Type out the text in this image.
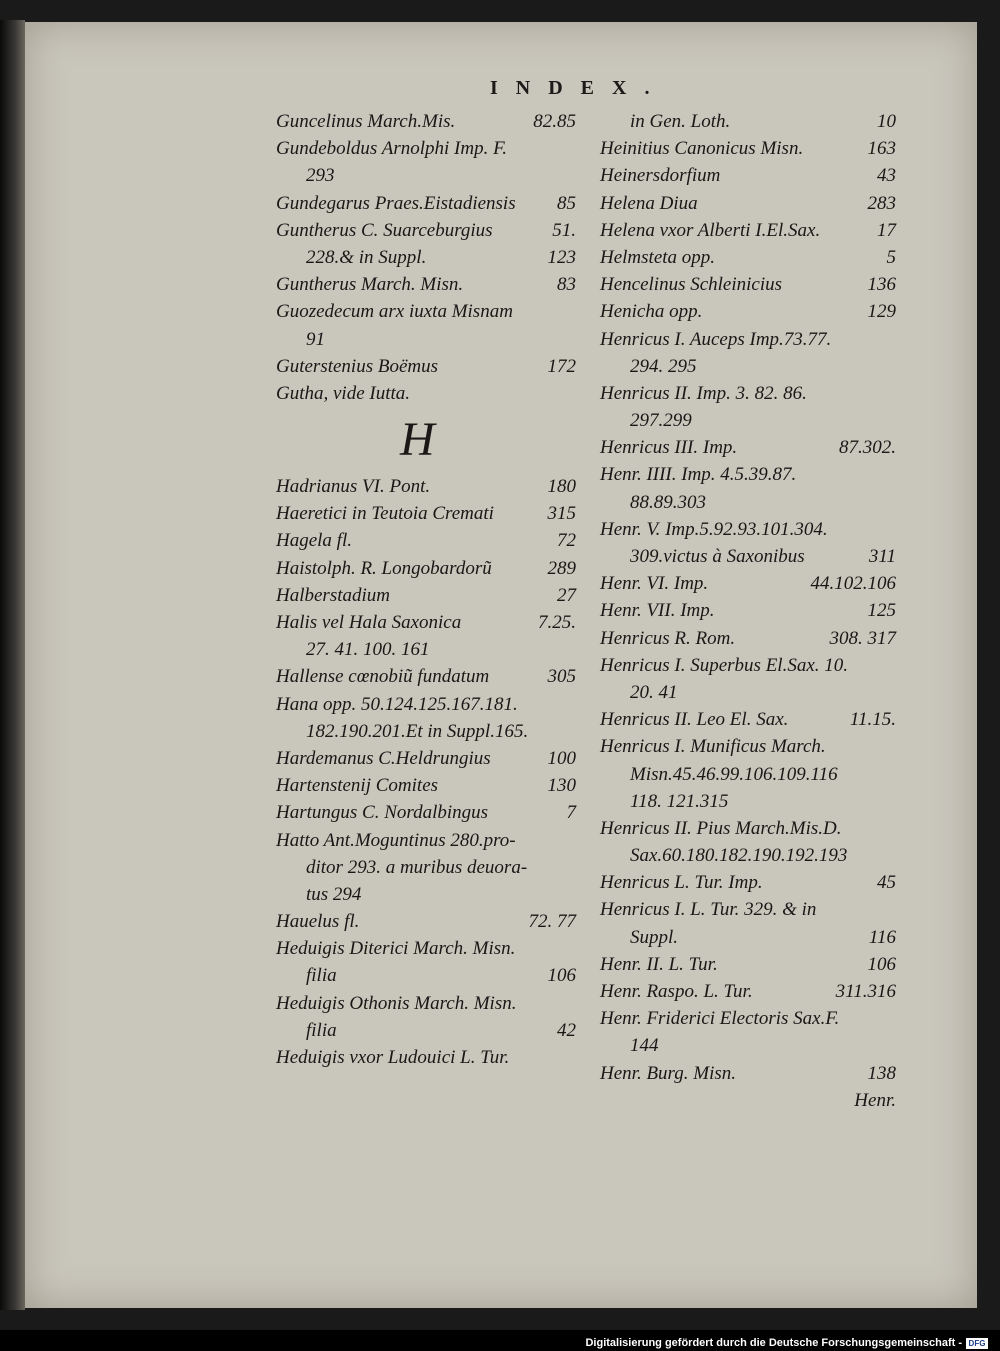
INDEX.
Guncelinus March.Mis.	82.85
Gundeboldus Arnolphi Imp. F.
293
Gundegarus Praes.Eistadiensis 85
Guntherus C. Suarceburgius	51.
228.& in Suppl.	123
Guntherus March. Misn.	83
Guozedecum arx iuxta Misnam
91
Guterstenius Boëmus	172
Gutha, vide Iutta.
H
Hadrianus VI. Pont.	180
Haeretici in Teutoia Cremati	315
Hagela fl.	72
Haistolph. R. Longobardorũ	289
Halberstadium	27
Halis vel Hala Saxonica	7.25.
27. 41. 100. 161
Hallense cœnobiũ fundatum	305
Hana opp. 50.124.125.167.181.
182.190.201.Et in Suppl.165.
Hardemanus C.Heldrungius	100
Hartensteniј Comites	130
Hartungus C. Nordalbingus	7
Hatto Ant.Moguntinus 280.pro-
ditor 293. a muribus deuora-
tus 294
Hauelus fl.	72. 77
Heduigis Diterici March. Misn.
filia	106
Heduigis Othonis March. Misn.
filia	42
Heduigis vxor Ludouici L. Tur.
in Gen. Loth.	10
Heinitius Canonicus Misn.	163
Heinersdorfium	43
Helena Diua	283
Helena vxor Alberti I.El.Sax.	17
Helmsteta opp.	5
Hencelinus Schleinicius	136
Henicha opp.	129
Henricus I. Auceps Imp.73.77.
294. 295
Henricus II. Imp. 3. 82. 86.
297.299
Henricus III. Imp.	87.302.
Henr. IIII. Imp. 4.5.39.87.
88.89.303
Henr. V. Imp.5.92.93.101.304.
309.victus à Saxonibus	311
Henr. VI. Imp.	44.102.106
Henr. VII. Imp.	125
Henricus R. Rom.	308. 317
Henricus I. Superbus El.Sax. 10.
20. 41
Henricus II. Leo El. Sax.	11.15.
Henricus I. Munificus March.
Misn.45.46.99.106.109.116
118. 121.315
Henricus II. Pius March.Mis.D.
Sax.60.180.182.190.192.193
Henricus L. Tur. Imp.	45
Henricus I. L. Tur. 329. & in
Suppl.	116
Henr. II. L. Tur.	106
Henr. Raspo. L. Tur.	311.316
Henr. Friderici Electoris Sax.F.
144
Henr. Burg. Misn.	138
Henr.
Digitalisierung gefördert durch die Deutsche Forschungsgemeinschaft - DFG
